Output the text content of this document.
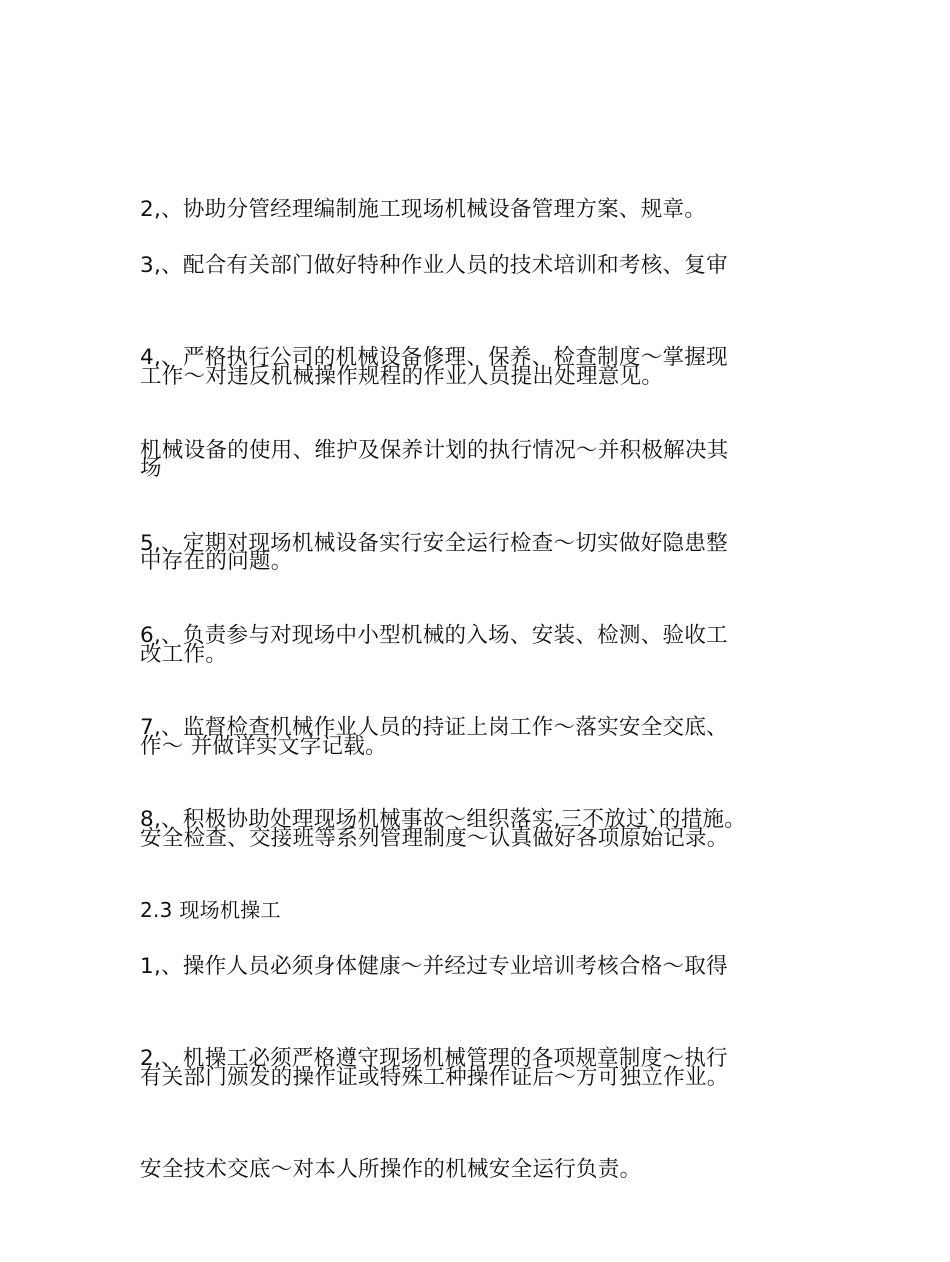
2,、协助分管经理编制施工现场机械设备管理方案、规章。

3,、配合有关部门做好特种作业人员的技术培训和考核、复审

工作～对违反机械操作规程的作业人员提出处理意见。

4,、严格执行公司的机械设备修理、保养、检查制度～掌握现

场

机械设备的使用、维护及保养计划的执行情况～并积极解决其

中存在的问题。

5,、定期对现场机械设备实行安全运行检查～切实做好隐患整

改工作。

6,、负责参与对现场中小型机械的入场、安装、检测、验收工

作～ 并做详实文字记载。

7,、监督检查机械作业人员的持证上岗工作～落实安全交底、

安全检查、交接班等系列管理制度～认真做好各项原始记录。

8,、积极协助处理现场机械事故～组织落实,三不放过`的措施。

2.3 现场机操工

1,、操作人员必须身体健康～并经过专业培训考核合格～取得

有关部门颁发的操作证或特殊工种操作证后～方可独立作业。

2,、机操工必须严格遵守现场机械管理的各项规章制度～执行

安全技术交底～对本人所操作的机械安全运行负责。
